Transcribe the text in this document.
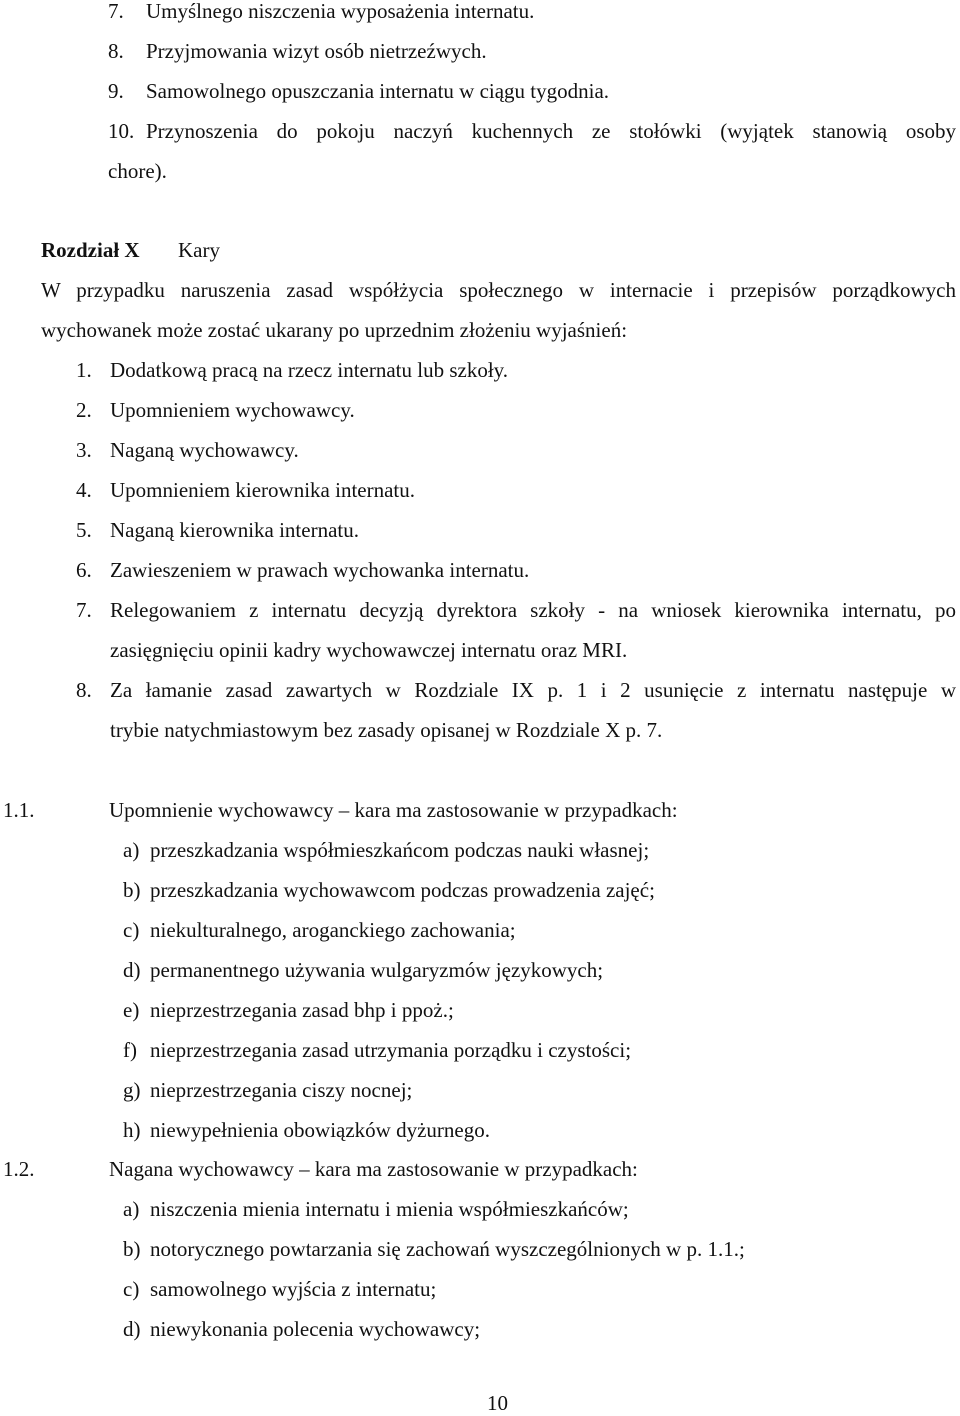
7. Umyślnego niszczenia wyposażenia internatu.
8. Przyjmowania wizyt osób nietrzeźwych.
9. Samowolnego opuszczania internatu w ciągu tygodnia.
10. Przynoszenia do pokoju naczyń kuchennych ze stołówki (wyjątek stanowią osoby
chore).
Rozdział X Kary
W przypadku naruszenia zasad współżycia społecznego w internacie i przepisów porządkowych
wychowanek może zostać ukarany po uprzednim złożeniu wyjaśnień:
1. Dodatkową pracą na rzecz internatu lub szkoły.
2. Upomnieniem wychowawcy.
3. Naganą wychowawcy.
4. Upomnieniem kierownika internatu.
5. Naganą kierownika internatu.
6. Zawieszeniem w prawach wychowanka internatu.
7. Relegowaniem z internatu decyzją dyrektora szkoły - na wniosek kierownika internatu, po
zasięgnięciu opinii kadry wychowawczej internatu oraz MRI.
8. Za łamanie zasad zawartych w Rozdziale IX p. 1 i 2 usunięcie z internatu następuje w
trybie natychmiastowym bez zasady opisanej w Rozdziale X p. 7.
1.1.	Upomnienie wychowawcy – kara ma zastosowanie w przypadkach:
a) przeszkadzania współmieszkańcom podczas nauki własnej;
b) przeszkadzania wychowawcom podczas prowadzenia zajęć;
c) niekulturalnego, aroganckiego zachowania;
d) permanentnego używania wulgaryzmów językowych;
e) nieprzestrzegania zasad bhp i ppoż.;
f) nieprzestrzegania zasad utrzymania porządku i czystości;
g) nieprzestrzegania ciszy nocnej;
h) niewypełnienia obowiązków dyżurnego.
1.2.	Nagana wychowawcy – kara ma zastosowanie w przypadkach:
a) niszczenia mienia internatu i mienia współmieszkańców;
b) notorycznego powtarzania się zachowań wyszczególnionych w p. 1.1.;
c) samowolnego wyjścia z internatu;
d) niewykonania polecenia wychowawcy;
10
